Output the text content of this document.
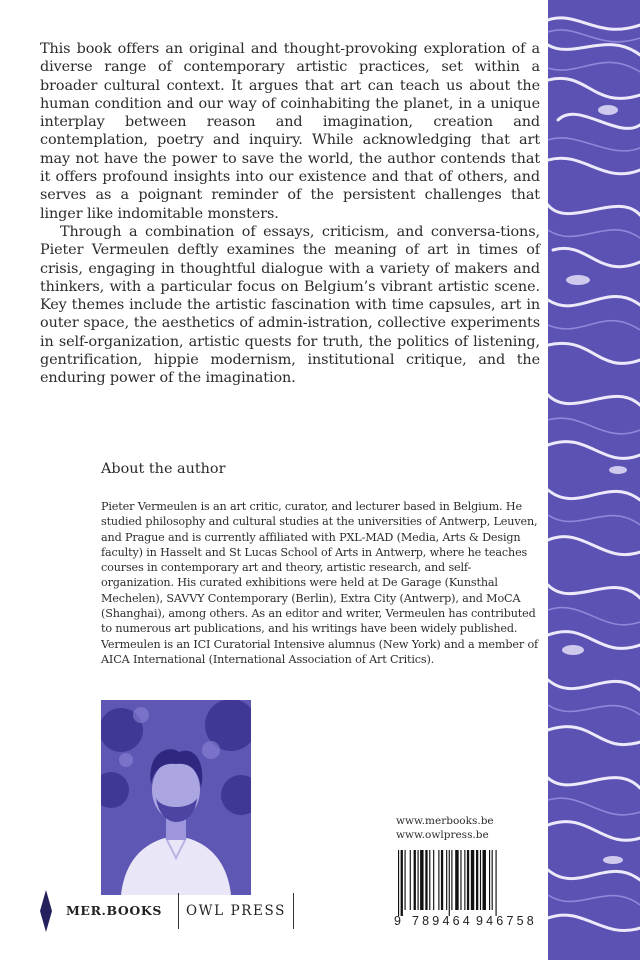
This book offers an original and thought-provoking exploration of a diverse range of contemporary artistic practices, set within a broader cultural context. It argues that art can teach us about the human condition and our way of coinhabiting the planet, in a unique interplay between reason and imagination, creation and contemplation, poetry and inquiry. While acknowledging that art may not have the power to save the world, the author contends that it offers profound insights into our existence and that of others, and serves as a poignant reminder of the persistent challenges that linger like indomitable monsters.

Through a combination of essays, criticism, and conversa-tions, Pieter Vermeulen deftly examines the meaning of art in times of crisis, engaging in thoughtful dialogue with a variety of makers and thinkers, with a particular focus on Belgium’s vibrant artistic scene. Key themes include the artistic fascination with time capsules, art in outer space, the aesthetics of admin-istration, collective experiments in self-organization, artistic quests for truth, the politics of listening, gentrification, hippie modernism, institutional critique, and the enduring power of the imagination.

About the author
Pieter Vermeulen is an art critic, curator, and lecturer based in Belgium. He studied philosophy and cultural studies at the universities of Antwerp, Leuven, and Prague and is currently affiliated with PXL-MAD (Media, Arts & Design faculty) in Hasselt and St Lucas School of Arts in Antwerp, where he teaches courses in contemporary art and theory, artistic research, and self-organization. His curated exhibitions were held at De Garage (Kunsthal Mechelen), SAVVY Contemporary (Berlin), Extra City (Antwerp), and MoCA (Shanghai), among others. As an editor and writer, Vermeulen has contributed to numerous art publications, and his writings have been widely published. Vermeulen is an ICI Curatorial Intensive alumnus (New York) and a member of AICA International (International Association of Art Critics).
www.merbooks.be
www.owlpress.be
9 789464 946758
MER.BOOKS OWL PRESS
